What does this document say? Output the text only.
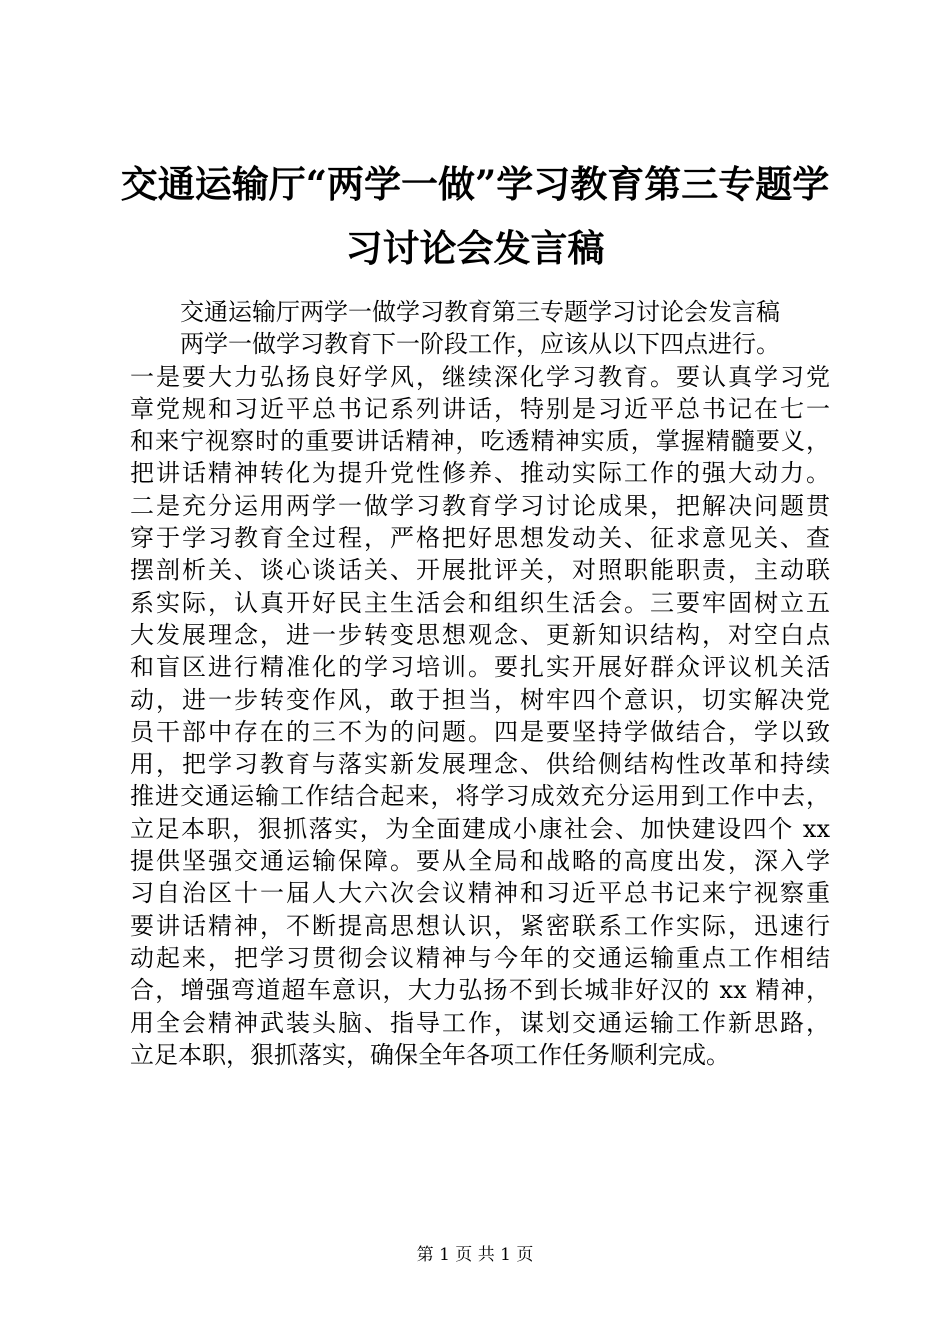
交通运输厅“两学一做”学习教育第三专题学
习讨论会发言稿
交通运输厅两学一做学习教育第三专题学习讨论会发言稿
两学一做学习教育下一阶段工作，应该从以下四点进行。
一是要大力弘扬良好学风，继续深化学习教育。要认真学习党
章党规和习近平总书记系列讲话，特别是习近平总书记在七一
和来宁视察时的重要讲话精神，吃透精神实质，掌握精髓要义，
把讲话精神转化为提升党性修养、推动实际工作的强大动力。
二是充分运用两学一做学习教育学习讨论成果，把解决问题贯
穿于学习教育全过程，严格把好思想发动关、征求意见关、查
摆剖析关、谈心谈话关、开展批评关，对照职能职责，主动联
系实际，认真开好民主生活会和组织生活会。三要牢固树立五
大发展理念，进一步转变思想观念、更新知识结构，对空白点
和盲区进行精准化的学习培训。要扎实开展好群众评议机关活
动，进一步转变作风，敢于担当，树牢四个意识，切实解决党
员干部中存在的三不为的问题。四是要坚持学做结合，学以致
用，把学习教育与落实新发展理念、供给侧结构性改革和持续
推进交通运输工作结合起来，将学习成效充分运用到工作中去，
立足本职，狠抓落实，为全面建成小康社会、加快建设四个 xx
提供坚强交通运输保障。要从全局和战略的高度出发，深入学
习自治区十一届人大六次会议精神和习近平总书记来宁视察重
要讲话精神，不断提高思想认识，紧密联系工作实际，迅速行
动起来，把学习贯彻会议精神与今年的交通运输重点工作相结
合，增强弯道超车意识，大力弘扬不到长城非好汉的 xx 精神，
用全会精神武装头脑、指导工作，谋划交通运输工作新思路，
立足本职，狠抓落实，确保全年各项工作任务顺利完成。

第 1 页 共 1 页
